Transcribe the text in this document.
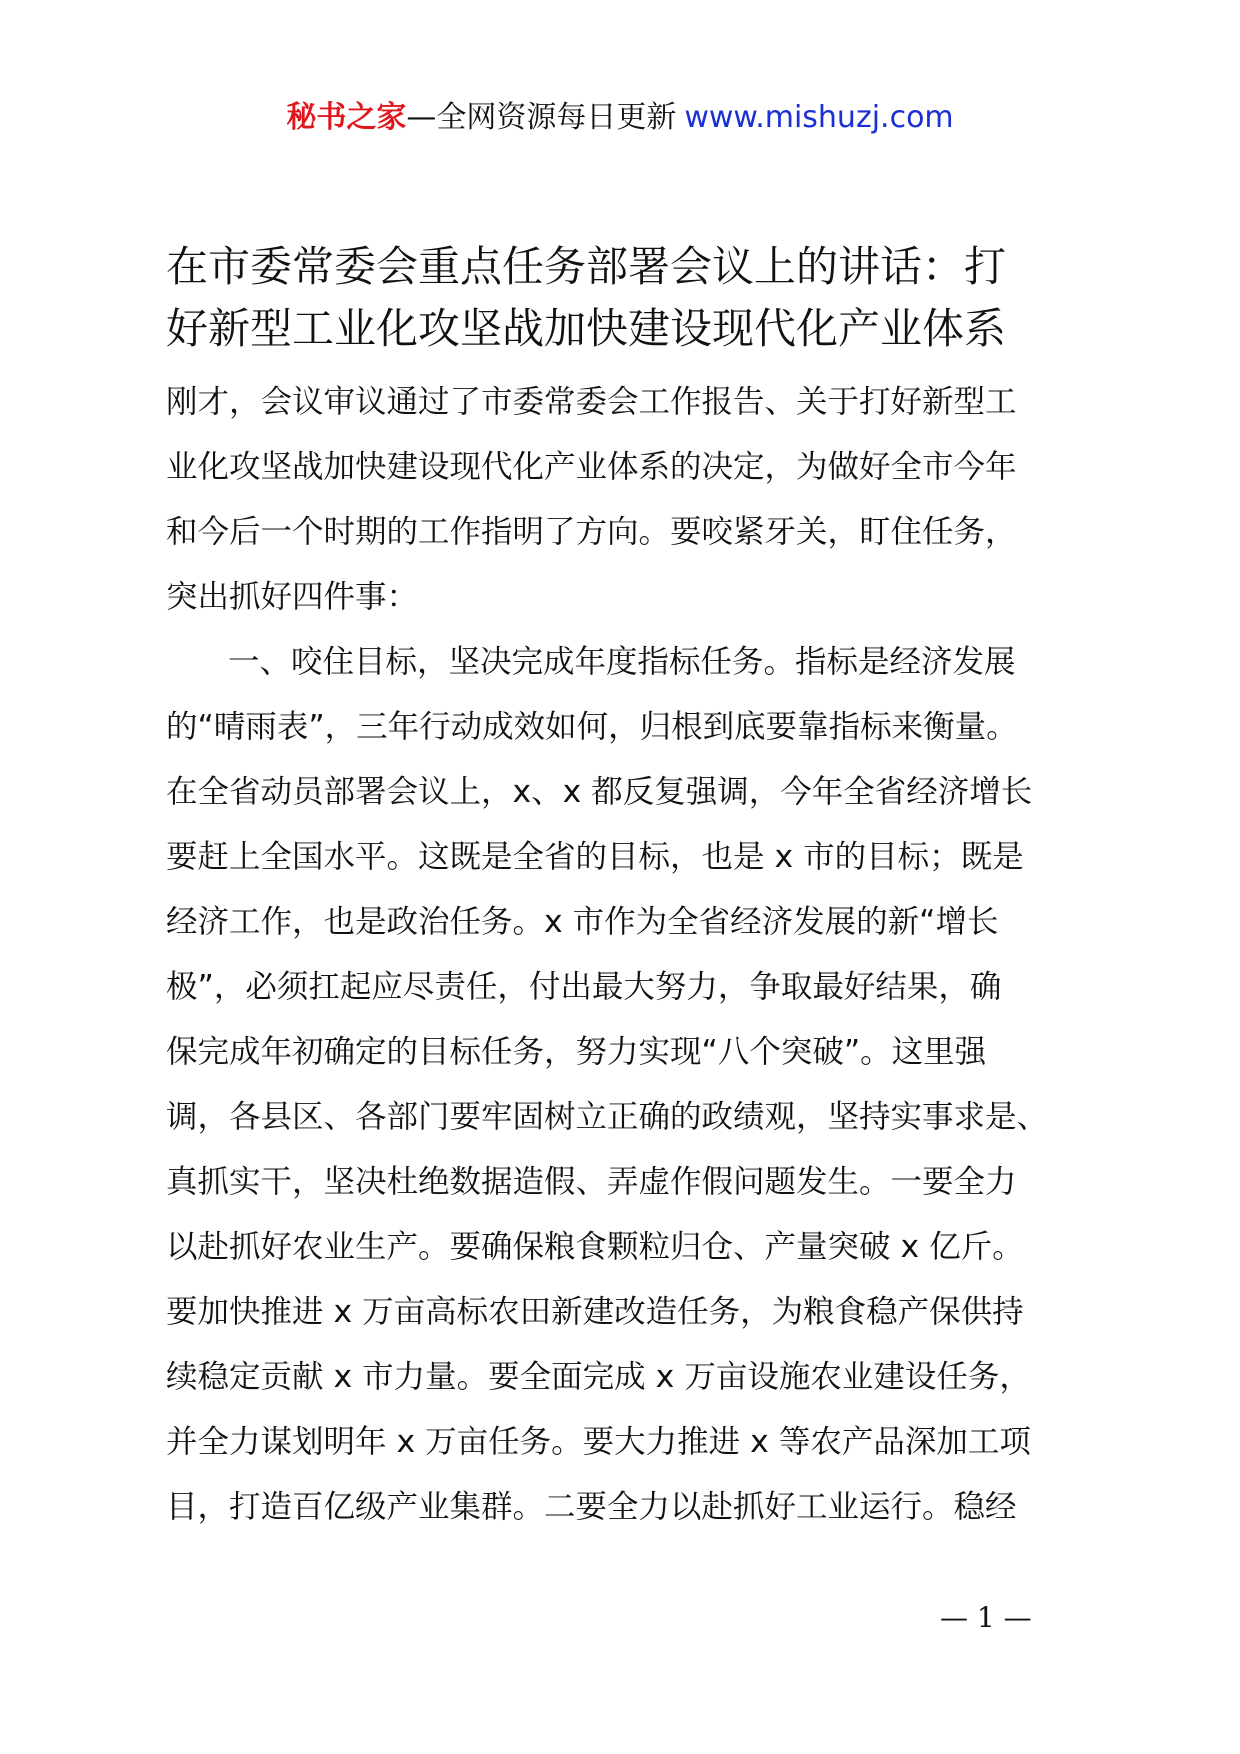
秘书之家—全网资源每日更新 www.mishuzj.com
在市委常委会重点任务部署会议上的讲话：打
好新型工业化攻坚战加快建设现代化产业体系
刚才，会议审议通过了市委常委会工作报告、关于打好新型工
业化攻坚战加快建设现代化产业体系的决定，为做好全市今年
和今后一个时期的工作指明了方向。要咬紧牙关，盯住任务，
突出抓好四件事：
一、咬住目标，坚决完成年度指标任务。指标是经济发展
的“晴雨表”，三年行动成效如何，归根到底要靠指标来衡量。
在全省动员部署会议上，x、x 都反复强调，今年全省经济增长
要赶上全国水平。这既是全省的目标，也是 x 市的目标；既是
经济工作，也是政治任务。x 市作为全省经济发展的新“增长
极”，必须扛起应尽责任，付出最大努力，争取最好结果，确
保完成年初确定的目标任务，努力实现“八个突破”。这里强
调，各县区、各部门要牢固树立正确的政绩观，坚持实事求是、
真抓实干，坚决杜绝数据造假、弄虚作假问题发生。一要全力
以赴抓好农业生产。要确保粮食颗粒归仓、产量突破 x 亿斤。
要加快推进 x 万亩高标农田新建改造任务，为粮食稳产保供持
续稳定贡献 x 市力量。要全面完成 x 万亩设施农业建设任务，
并全力谋划明年 x 万亩任务。要大力推进 x 等农产品深加工项
目，打造百亿级产业集群。二要全力以赴抓好工业运行。稳经
— 1 —
